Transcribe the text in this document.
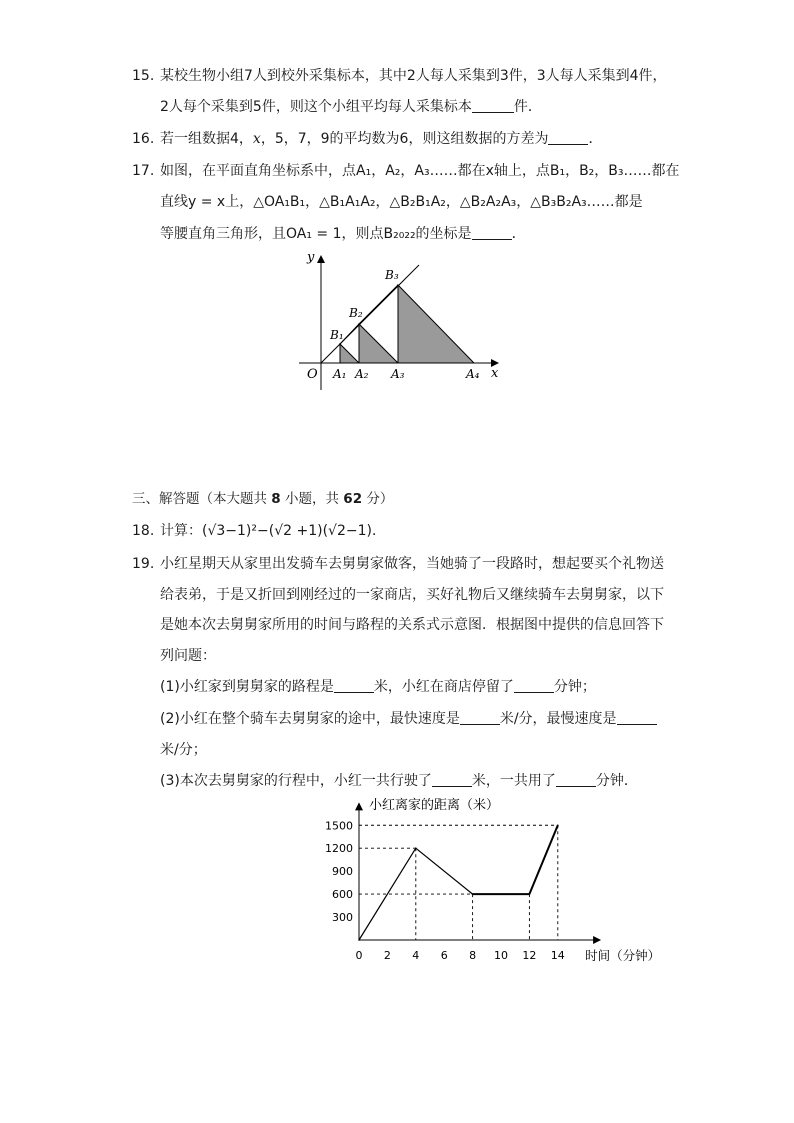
15. 某校生物小组7人到校外采集标本，其中2人每人采集到3件，3人每人采集到4件，
2人每个采集到5件，则这个小组平均每人采集标本	件．
16. 若一组数据4，x，5，7，9的平均数为6，则这组数据的方差为	．
17. 如图，在平面直角坐标系中，点A₁，A₂，A₃……都在x轴上，点B₁，B₂，B₃……都在
直线y = x上，△OA₁B₁，△B₁A₁A₂，△B₂B₁A₂，△B₂A₂A₃，△B₃B₂A₃……都是
等腰直角三角形，且OA₁ = 1，则点B₂₀₂₂的坐标是	．
y
x
O A₁ A₂ A₃	A₄
B₁
B₂
B₃
三、解答题（本大题共 8 小题，共 62 分）
18. 计算：(√3−1)²−(√2 +1)(√2−1)．
19. 小红星期天从家里出发骑车去舅舅家做客，当她骑了一段路时，想起要买个礼物送
给表弟，于是又折回到刚经过的一家商店，买好礼物后又继续骑车去舅舅家，以下
是她本次去舅舅家所用的时间与路程的关系式示意图．根据图中提供的信息回答下
列问题：
(1)小红家到舅舅家的路程是	米，小红在商店停留了	分钟；
(2)小红在整个骑车去舅舅家的途中，最快速度是	米/分，最慢速度是
米/分；
(3)本次去舅舅家的行程中，小红一共行驶了	米，一共用了	分钟．
0 2 4 6 8 10 12 14
300
600
900
1200
1500
小红离家的距离（米）
时间（分钟）
